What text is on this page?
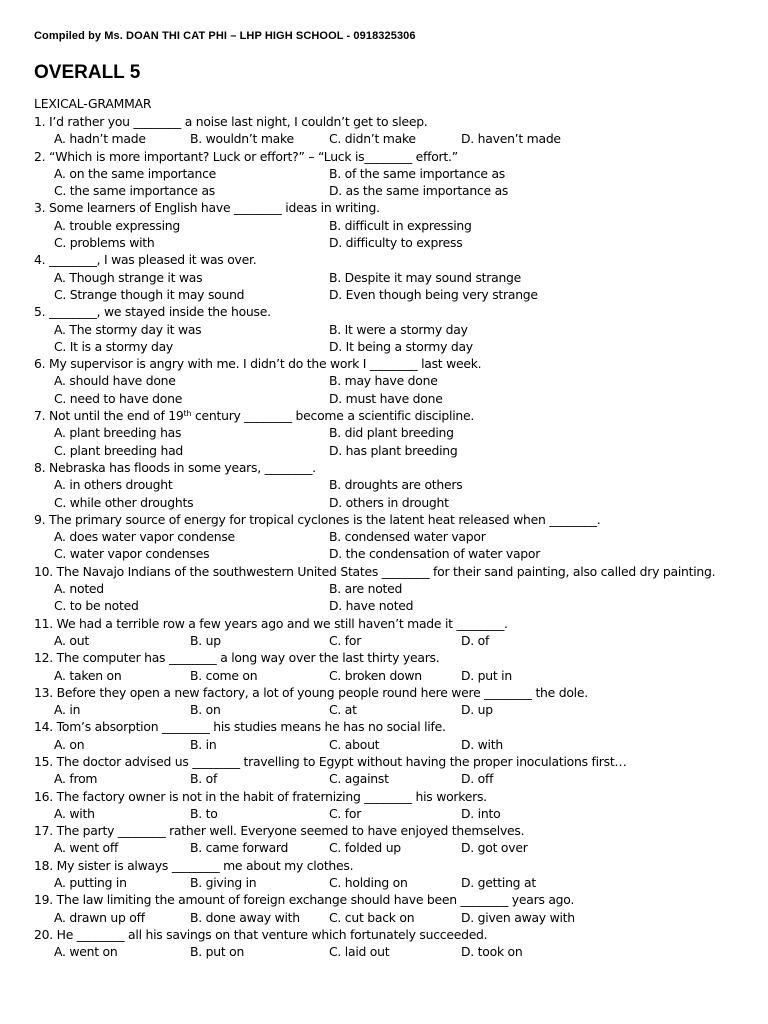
Compiled by Ms. DOAN THI CAT PHI – LHP HIGH SCHOOL - 0918325306
OVERALL 5
LEXICAL-GRAMMAR
1. I’d rather you ________ a noise last night, I couldn’t get to sleep.
A. hadn’t made	B. wouldn’t make	C. didn’t make	D. haven’t made
2. “Which is more important? Luck or effort?” – “Luck is________ effort.”
A. on the same importance	B. of the same importance as
C. the same importance as	D. as the same importance as
3. Some learners of English have ________ ideas in writing.
A. trouble expressing	B. difficult in expressing
C. problems with	D. difficulty to express
4. ________, I was pleased it was over.
A. Though strange it was	B. Despite it may sound strange
C. Strange though it may sound	D. Even though being very strange
5. ________, we stayed inside the house.
A. The stormy day it was	B. It were a stormy day
C. It is a stormy day	D. It being a stormy day
6. My supervisor is angry with me. I didn’t do the work I ________ last week.
A. should have done	B. may have done
C. need to have done	D. must have done
7. Not until the end of 19th century ________ become a scientific discipline.
A. plant breeding has	B. did plant breeding
C. plant breeding had	D. has plant breeding
8. Nebraska has floods in some years, ________.
A. in others drought	B. droughts are others
C. while other droughts	D. others in drought
9. The primary source of energy for tropical cyclones is the latent heat released when ________.
A. does water vapor condense	B. condensed water vapor
C. water vapor condenses	D. the condensation of water vapor
10. The Navajo Indians of the southwestern United States ________ for their sand painting, also called dry painting.
A. noted	B. are noted
C. to be noted	D. have noted
11. We had a terrible row a few years ago and we still haven’t made it ________.
A. out	B. up	C. for	D. of
12. The computer has ________ a long way over the last thirty years.
A. taken on	B. come on	C. broken down	D. put in
13. Before they open a new factory, a lot of young people round here were ________ the dole.
A. in	B. on	C. at	D. up
14. Tom’s absorption ________ his studies means he has no social life.
A. on	B. in	C. about	D. with
15. The doctor advised us ________ travelling to Egypt without having the proper inoculations first…
A. from	B. of	C. against	D. off
16. The factory owner is not in the habit of fraternizing ________ his workers.
A. with	B. to	C. for	D. into
17. The party ________ rather well. Everyone seemed to have enjoyed themselves.
A. went off	B. came forward	C. folded up	D. got over
18. My sister is always ________ me about my clothes.
A. putting in	B. giving in	C. holding on	D. getting at
19. The law limiting the amount of foreign exchange should have been ________ years ago.
A. drawn up off	B. done away with C. cut back on	D. given away with
20. He ________ all his savings on that venture which fortunately succeeded.
A. went on	B. put on	C. laid out	D. took on
